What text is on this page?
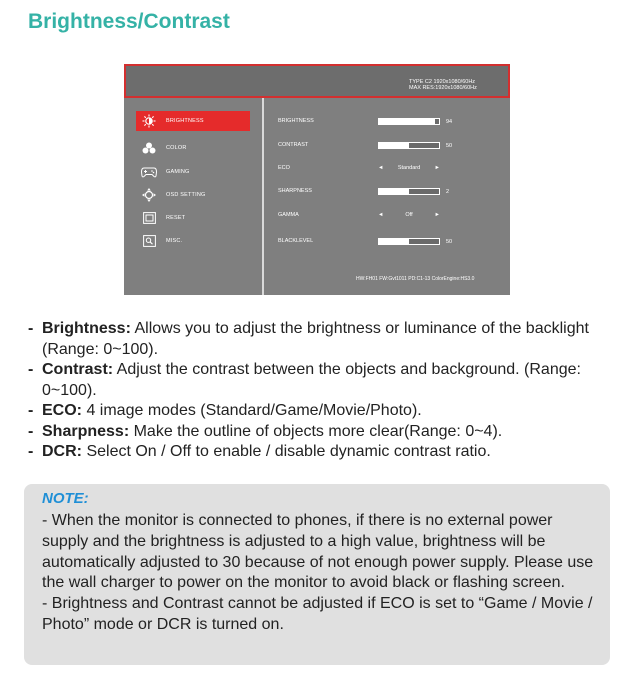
Brightness/Contrast
TYPE C2 1920x1080/60Hz
MAX RES:1920x1080/60Hz
BRIGHTNESS
COLOR
GAMING
OSD SETTING
RESET
MISC.
BRIGHTNESS	94
CONTRAST	50
ECO	◄	Standard	►
SHARPNESS	2
GAMMA	◄	Off	►
BLACKLEVEL	50
HW:FH01 FW:Gvt1011 PD:C1-13 ColorEngine:HS3.0
- Brightness: Allows you to adjust the brightness or luminance of the backlight (Range: 0~100).
- Contrast: Adjust the contrast between the objects and background. (Range: 0~100).
- ECO: 4 image modes (Standard/Game/Movie/Photo).
- Sharpness: Make the outline of objects more clear(Range: 0~4).
- DCR: Select On / Off to enable / disable dynamic contrast ratio.
NOTE:

- When the monitor is connected to phones, if there is no external power supply and the brightness is adjusted to a high value, brightness will be automatically adjusted to 30 because of not enough power supply. Please use the wall charger to power on the monitor to avoid black or flashing screen.

- Brightness and Contrast cannot be adjusted if ECO is set to “Game / Movie / Photo” mode or DCR is turned on.
